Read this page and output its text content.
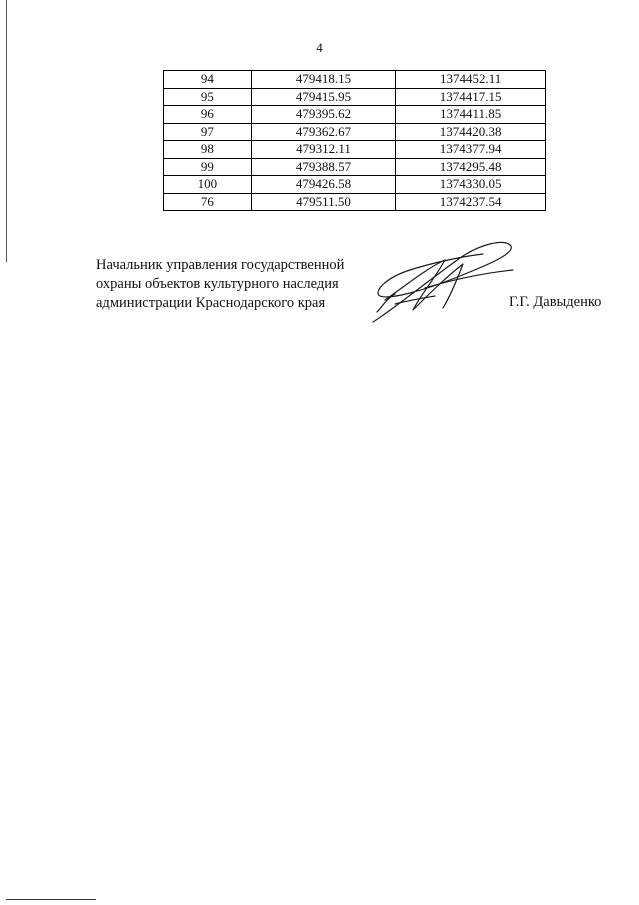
4
94	479418.15	1374452.11
95	479415.95	1374417.15
96	479395.62	1374411.85
97	479362.67	1374420.38
98	479312.11	1374377.94
99	479388.57	1374295.48
100	479426.58	1374330.05
76	479511.50	1374237.54
Начальник управления государственной
охраны объектов культурного наследия
администрации Краснодарского края	Г.Г. Давыденко
